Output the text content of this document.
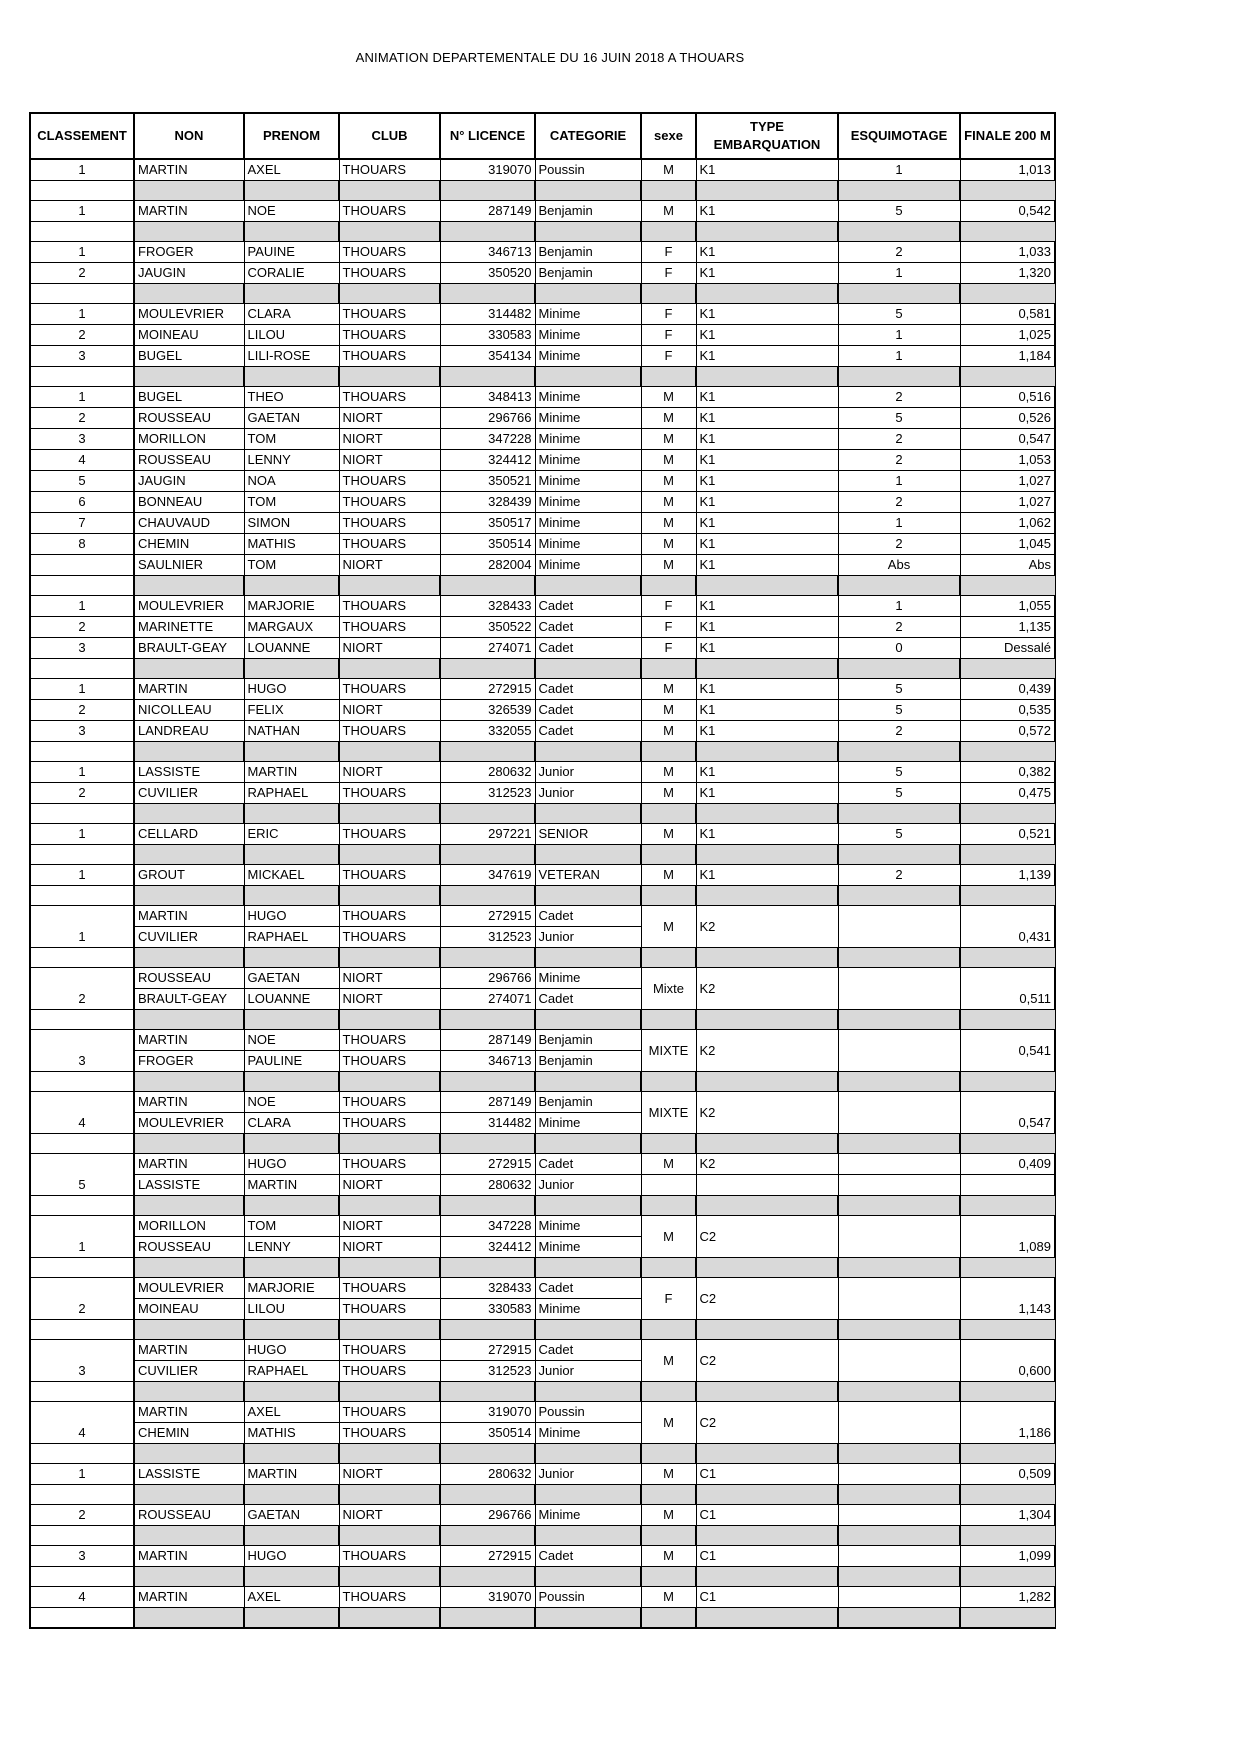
ANIMATION DEPARTEMENTALE DU 16 JUIN 2018 A THOUARS
CLASSEMENT	NON	PRENOM	CLUB	N° LICENCE	CATEGORIE	sexe	TYPE EMBARQUATION	ESQUIMOTAGE	FINALE 200 M
1	MARTIN	AXEL	THOUARS	319070	Poussin	M	K1	1	1,013

1	MARTIN	NOE	THOUARS	287149	Benjamin	M	K1	5	0,542

1	FROGER	PAUINE	THOUARS	346713	Benjamin	F	K1	2	1,033
2	JAUGIN	CORALIE	THOUARS	350520	Benjamin	F	K1	1	1,320

1	MOULEVRIER	CLARA	THOUARS	314482	Minime	F	K1	5	0,581
2	MOINEAU	LILOU	THOUARS	330583	Minime	F	K1	1	1,025
3	BUGEL	LILI-ROSE	THOUARS	354134	Minime	F	K1	1	1,184

1	BUGEL	THEO	THOUARS	348413	Minime	M	K1	2	0,516
2	ROUSSEAU	GAETAN	NIORT	296766	Minime	M	K1	5	0,526
3	MORILLON	TOM	NIORT	347228	Minime	M	K1	2	0,547
4	ROUSSEAU	LENNY	NIORT	324412	Minime	M	K1	2	1,053
5	JAUGIN	NOA	THOUARS	350521	Minime	M	K1	1	1,027
6	BONNEAU	TOM	THOUARS	328439	Minime	M	K1	2	1,027
7	CHAUVAUD	SIMON	THOUARS	350517	Minime	M	K1	1	1,062
8	CHEMIN	MATHIS	THOUARS	350514	Minime	M	K1	2	1,045
	SAULNIER	TOM	NIORT	282004	Minime	M	K1	Abs	Abs

1	MOULEVRIER	MARJORIE	THOUARS	328433	Cadet	F	K1	1	1,055
2	MARINETTE	MARGAUX	THOUARS	350522	Cadet	F	K1	2	1,135
3	BRAULT-GEAY	LOUANNE	NIORT	274071	Cadet	F	K1	0	Dessalé

1	MARTIN	HUGO	THOUARS	272915	Cadet	M	K1	5	0,439
2	NICOLLEAU	FELIX	NIORT	326539	Cadet	M	K1	5	0,535
3	LANDREAU	NATHAN	THOUARS	332055	Cadet	M	K1	2	0,572

1	LASSISTE	MARTIN	NIORT	280632	Junior	M	K1	5	0,382
2	CUVILIER	RAPHAEL	THOUARS	312523	Junior	M	K1	5	0,475

1	CELLARD	ERIC	THOUARS	297221	SENIOR	M	K1	5	0,521

1	GROUT	MICKAEL	THOUARS	347619	VETERAN	M	K1	2	1,139

1	MARTIN	HUGO	THOUARS	272915	Cadet	M	K2		0,431
	CUVILIER	RAPHAEL	THOUARS	312523	Junior				

2	ROUSSEAU	GAETAN	NIORT	296766	Minime	Mixte	K2		0,511
	BRAULT-GEAY	LOUANNE	NIORT	274071	Cadet				

3	MARTIN	NOE	THOUARS	287149	Benjamin	MIXTE	K2		0,541
	FROGER	PAULINE	THOUARS	346713	Benjamin				

4	MARTIN	NOE	THOUARS	287149	Benjamin	MIXTE	K2		0,547
	MOULEVRIER	CLARA	THOUARS	314482	Minime				

5	MARTIN	HUGO	THOUARS	272915	Cadet	M	K2		0,409
	LASSISTE	MARTIN	NIORT	280632	Junior				

1	MORILLON	TOM	NIORT	347228	Minime	M	C2		1,089
	ROUSSEAU	LENNY	NIORT	324412	Minime				

2	MOULEVRIER	MARJORIE	THOUARS	328433	Cadet	F	C2		1,143
	MOINEAU	LILOU	THOUARS	330583	Minime				

3	MARTIN	HUGO	THOUARS	272915	Cadet	M	C2		0,600
	CUVILIER	RAPHAEL	THOUARS	312523	Junior				

4	MARTIN	AXEL	THOUARS	319070	Poussin	M	C2		1,186
	CHEMIN	MATHIS	THOUARS	350514	Minime				

1	LASSISTE	MARTIN	NIORT	280632	Junior	M	C1		0,509

2	ROUSSEAU	GAETAN	NIORT	296766	Minime	M	C1		1,304

3	MARTIN	HUGO	THOUARS	272915	Cadet	M	C1		1,099

4	MARTIN	AXEL	THOUARS	319070	Poussin	M	C1		1,282
